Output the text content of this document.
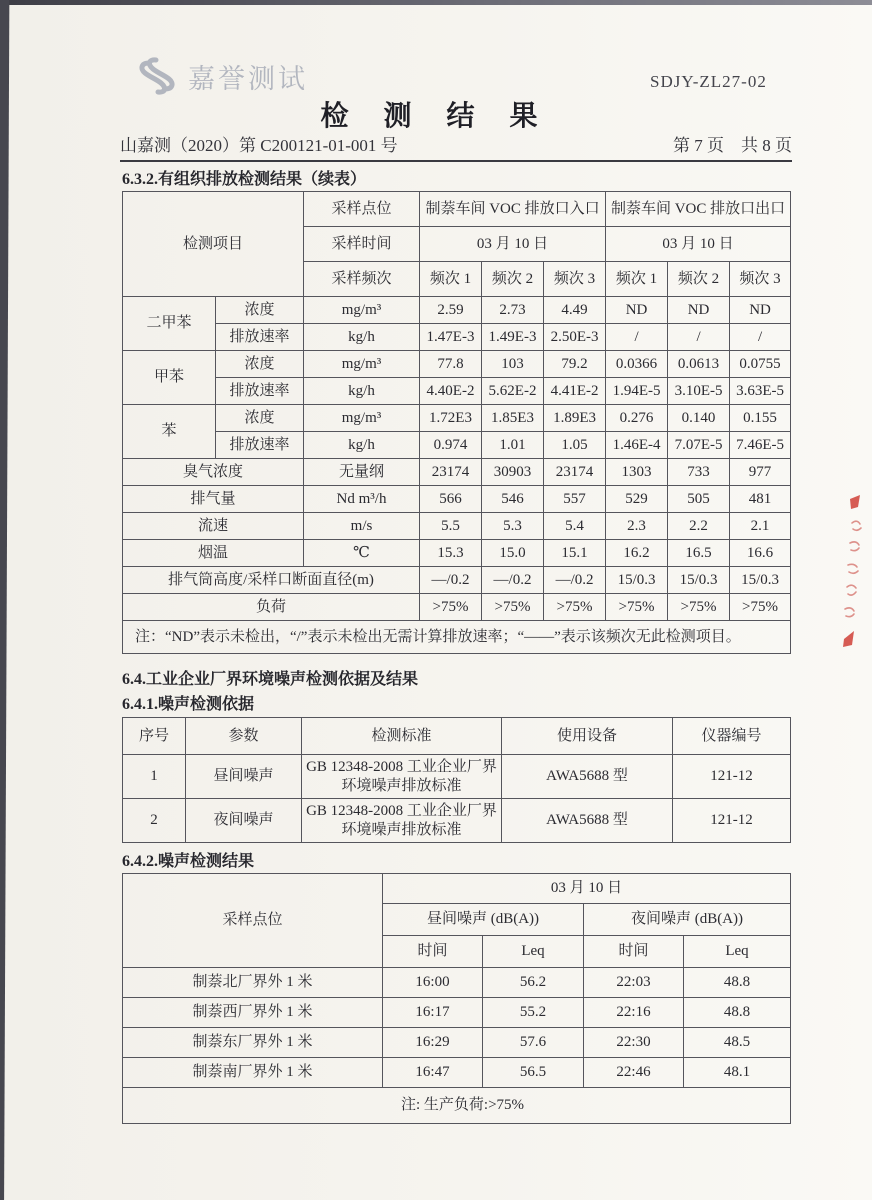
嘉誉测试	SDJY-ZL27-02
检 测 结 果
山嘉测（2020）第 C200121-01-001 号	第 7 页　共 8 页
6.3.2.有组织排放检测结果（续表）
检测项目		采样点位	制萘车间 VOC 排放口入口			制萘车间 VOC 排放口出口		
		采样时间	03 月 10 日			03 月 10 日		
		采样频次	频次 1	频次 2	频次 3	频次 1	频次 2	频次 3
二甲苯	浓度	mg/m³	2.59	2.73	4.49	ND	ND	ND
	排放速率	kg/h	1.47E-3	1.49E-3	2.50E-3	/	/	/
甲苯	浓度	mg/m³	77.8	103	79.2	0.0366	0.0613	0.0755
	排放速率	kg/h	4.40E-2	5.62E-2	4.41E-2	1.94E-5	3.10E-5	3.63E-5
苯	浓度	mg/m³	1.72E3	1.85E3	1.89E3	0.276	0.140	0.155
	排放速率	kg/h	0.974	1.01	1.05	1.46E-4	7.07E-5	7.46E-5
臭气浓度		无量纲	23174	30903	23174	1303	733	977
排气量		Nd m³/h	566	546	557	529	505	481
流速		m/s	5.5	5.3	5.4	2.3	2.2	2.1
烟温		℃	15.3	15.0	15.1	16.2	16.5	16.6
排气筒高度/采样口断面直径(m)			—/0.2	—/0.2	—/0.2	15/0.3	15/0.3	15/0.3
负荷			>75%	>75%	>75%	>75%	>75%	>75%
注：“ND”表示未检出，“/”表示未检出无需计算排放速率；“——”表示该频次无此检测项目。								
6.4.工业企业厂界环境噪声检测依据及结果
6.4.1.噪声检测依据
序号	参数	检测标准	使用设备	仪器编号
1	昼间噪声	GB 12348-2008 工业企业厂界环境噪声排放标准	AWA5688 型	121-12
2	夜间噪声	GB 12348-2008 工业企业厂界环境噪声排放标准	AWA5688 型	121-12
6.4.2.噪声检测结果
采样点位	03 月 10 日			
	昼间噪声 (dB(A))		夜间噪声 (dB(A))	
	时间	Leq	时间	Leq
制萘北厂界外 1 米	16:00	56.2	22:03	48.8
制萘西厂界外 1 米	16:17	55.2	22:16	48.8
制萘东厂界外 1 米	16:29	57.6	22:30	48.5
制萘南厂界外 1 米	16:47	56.5	22:46	48.1
注: 生产负荷:>75%				
